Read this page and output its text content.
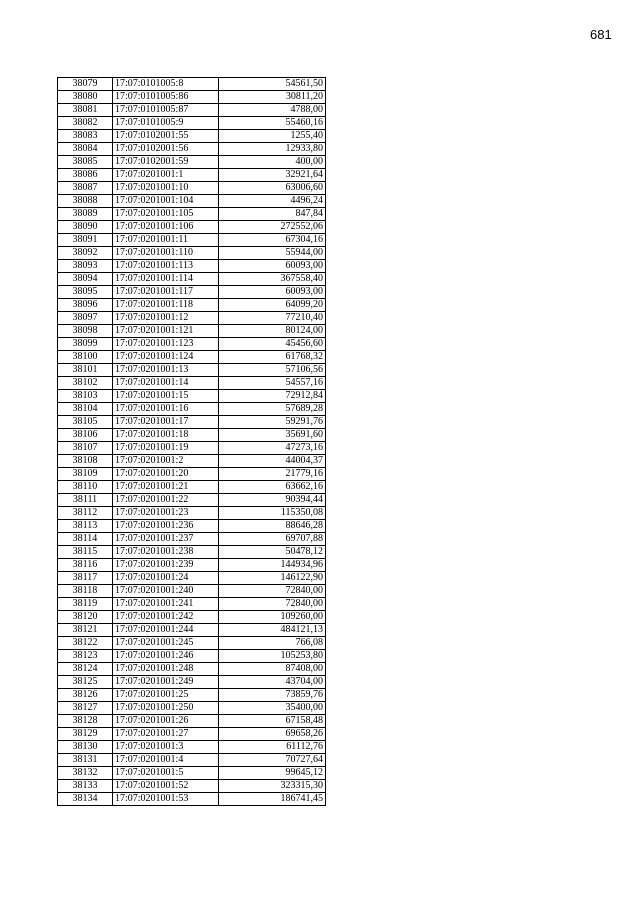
681
38079	17:07:0101005:8	54561,50
38080	17:07:0101005:86	30811,20
38081	17:07:0101005:87	4788,00
38082	17:07:0101005:9	55460,16
38083	17:07:0102001:55	1255,40
38084	17:07:0102001:56	12933,80
38085	17:07:0102001:59	400,00
38086	17:07:0201001:1	32921,64
38087	17:07:0201001:10	63006,60
38088	17:07:0201001:104	4496,24
38089	17:07:0201001:105	847,84
38090	17:07:0201001:106	272552,06
38091	17:07:0201001:11	67304,16
38092	17:07:0201001:110	55944,00
38093	17:07:0201001:113	60093,00
38094	17:07:0201001:114	367558,40
38095	17:07:0201001:117	60093,00
38096	17:07:0201001:118	64099,20
38097	17:07:0201001:12	77210,40
38098	17:07:0201001:121	80124,00
38099	17:07:0201001:123	45456,60
38100	17:07:0201001:124	61768,32
38101	17:07:0201001:13	57106,56
38102	17:07:0201001:14	54557,16
38103	17:07:0201001:15	72912,84
38104	17:07:0201001:16	57689,28
38105	17:07:0201001:17	59291,76
38106	17:07:0201001:18	35691,60
38107	17:07:0201001:19	47273,16
38108	17:07:0201001:2	44004,37
38109	17:07:0201001:20	21779,16
38110	17:07:0201001:21	63662,16
38111	17:07:0201001:22	90394,44
38112	17:07:0201001:23	115350,08
38113	17:07:0201001:236	88646,28
38114	17:07:0201001:237	69707,88
38115	17:07:0201001:238	50478,12
38116	17:07:0201001:239	144934,96
38117	17:07:0201001:24	146122,90
38118	17:07:0201001:240	72840,00
38119	17:07:0201001:241	72840,00
38120	17:07:0201001:242	109260,00
38121	17:07:0201001:244	484121,13
38122	17:07:0201001:245	766,08
38123	17:07:0201001:246	105253,80
38124	17:07:0201001:248	87408,00
38125	17:07:0201001:249	43704,00
38126	17:07:0201001:25	73859,76
38127	17:07:0201001:250	35400,00
38128	17:07:0201001:26	67158,48
38129	17:07:0201001:27	69658,26
38130	17:07:0201001:3	61112,76
38131	17:07:0201001:4	70727,64
38132	17:07:0201001:5	99645,12
38133	17:07:0201001:52	323315,30
38134	17:07:0201001:53	186741,45
